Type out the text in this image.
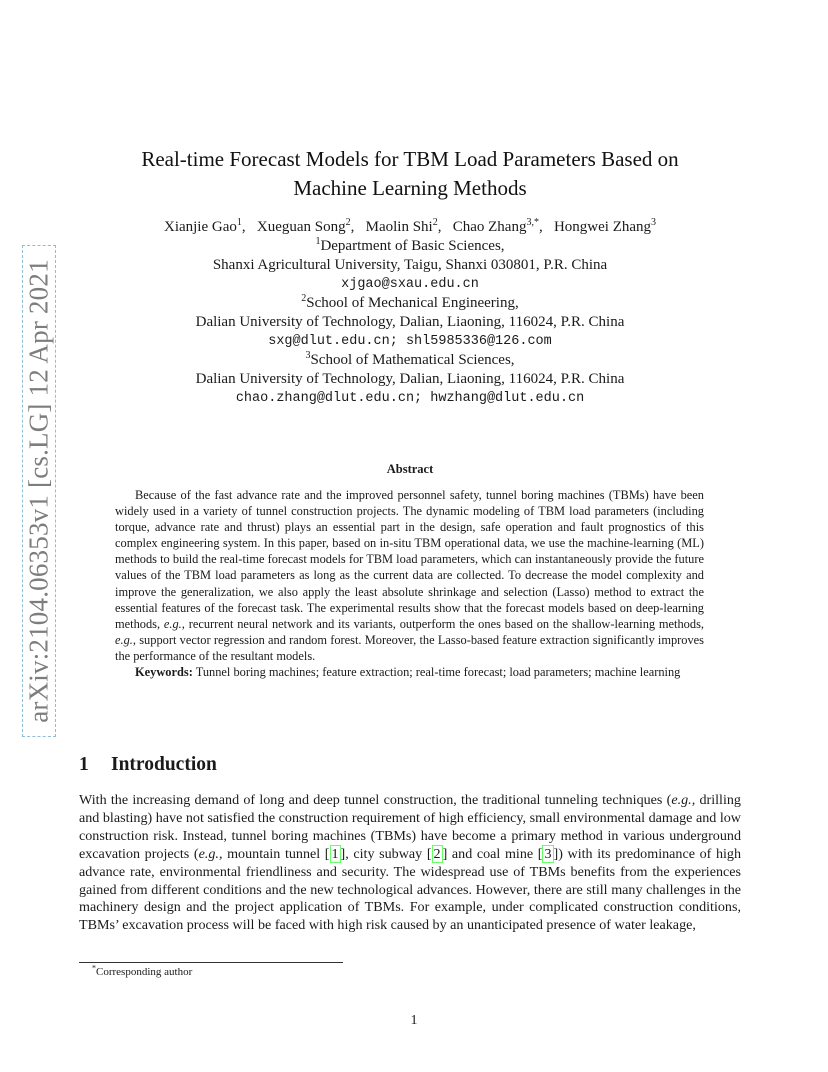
arXiv:2104.06353v1 [cs.LG] 12 Apr 2021
Real-time Forecast Models for TBM Load Parameters Based on
Machine Learning Methods
Xianjie Gao$^1$,   Xueguan Song$^2$,   Maolin Shi$^2$,   Chao Zhang$^{3,*}$,   Hongwei Zhang$^3$
$^1$Department of Basic Sciences,
Shanxi Agricultural University, Taigu, Shanxi 030801, P.R. China
xjgao@sxau.edu.cn
$^2$School of Mechanical Engineering,
Dalian University of Technology, Dalian, Liaoning, 116024, P.R. China
sxg@dlut.edu.cn; shl5985336@126.com
$^3$School of Mathematical Sciences,
Dalian University of Technology, Dalian, Liaoning, 116024, P.R. China
chao.zhang@dlut.edu.cn; hwzhang@dlut.edu.cn
Abstract

Because of the fast advance rate and the improved personnel safety, tunnel boring machines (TBMs) have been widely used in a variety of tunnel construction projects. The dynamic modeling of TBM load parameters (including torque, advance rate and thrust) plays an essential part in the design, safe operation and fault prognostics of this complex engineering system. In this paper, based on in-situ TBM operational data, we use the machine-learning (ML) methods to build the real-time forecast models for TBM load parameters, which can instantaneously provide the future values of the TBM load parameters as long as the current data are collected. To decrease the model complexity and improve the generalization, we also apply the least absolute shrinkage and selection (Lasso) method to extract the essential features of the forecast task. The experimental results show that the forecast models based on deep-learning methods, e.g., recurrent neural network and its variants, outperform the ones based on the shallow-learning methods, e.g., support vector regression and random forest. Moreover, the Lasso-based feature extraction significantly improves the performance of the resultant models.

Keywords: Tunnel boring machines; feature extraction; real-time forecast; load parameters; machine learning

1 Introduction

With the increasing demand of long and deep tunnel construction, the traditional tunneling techniques (e.g., drilling and blasting) have not satisfied the construction requirement of high efficiency, small environmental damage and low construction risk. Instead, tunnel boring machines (TBMs) have become a primary method in various underground excavation projects (e.g., mountain tunnel [ 1 ], city subway [ 2 ] and coal mine [ 3 ]) with its predominance of high advance rate, environmental friendliness and security. The widespread use of TBMs benefits from the experiences gained from different conditions and the new technological advances. However, there are still many challenges in the machinery design and the project application of TBMs. For example, under complicated construction conditions, TBMs’ excavation process will be faced with high risk caused by an unanticipated presence of water leakage,

*Corresponding author
1
